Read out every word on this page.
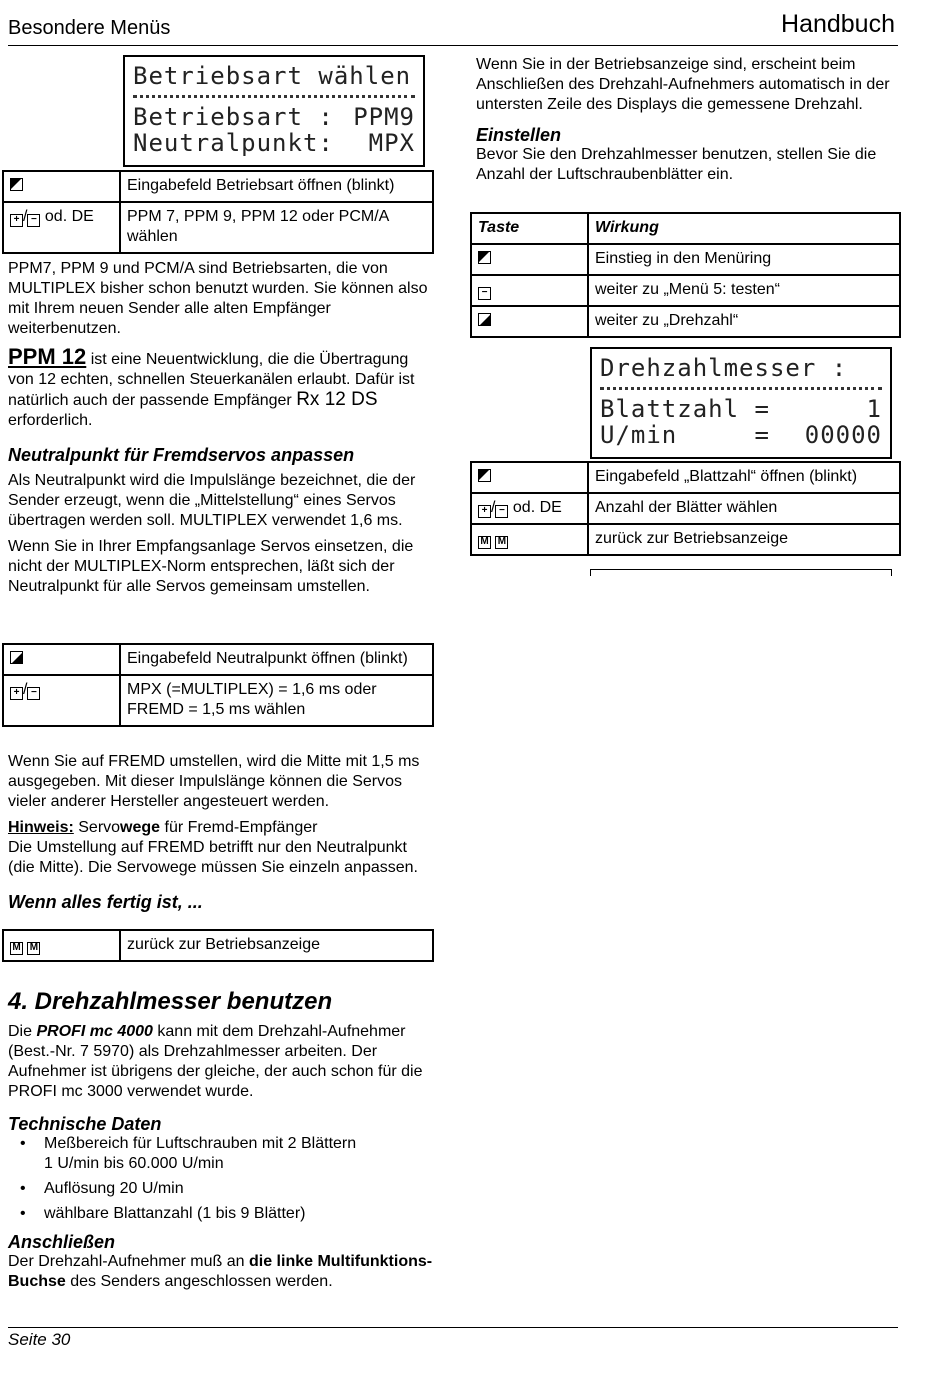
Besondere Menüs	Handbuch
Betriebsart wählen
Betriebsart : PPM9
Neutralpunkt: MPX
	Eingabefeld Betriebsart öffnen (blinkt)
+ / − od. DE	PPM 7, PPM 9, PPM 12 oder PCM/A wählen

PPM7, PPM 9 und PCM/A sind Betriebsarten, die von MULTIPLEX bisher schon benutzt wurden. Sie können also mit Ihrem neuen Sender alle alten Empfänger weiterbenutzen.

PPM 12 ist eine Neuentwicklung, die die Übertragung von 12 echten, schnellen Steuerkanälen erlaubt. Dafür ist natürlich auch der passende Empfänger Rx 12 DS erforderlich.

Neutralpunkt für Fremdservos anpassen

Als Neutralpunkt wird die Impulslänge bezeichnet, die der Sender erzeugt, wenn die „Mittelstellung“ eines Servos übertragen werden soll. MULTIPLEX verwendet 1,6 ms.

Wenn Sie in Ihrer Empfangsanlage Servos einsetzen, die nicht der MULTIPLEX-Norm entsprechen, läßt sich der Neutralpunkt für alle Servos gemeinsam umstellen.

	Eingabefeld Neutralpunkt öffnen (blinkt)
+ / −	MPX (=MULTIPLEX) = 1,6 ms oder FREMD = 1,5 ms wählen

Wenn Sie auf FREMD umstellen, wird die Mitte mit 1,5 ms ausgegeben. Mit dieser Impulslänge können die Servos vieler anderer Hersteller angesteuert werden.

Hinweis: Servowege für Fremd-Empfänger

Die Umstellung auf FREMD betrifft nur den Neutralpunkt (die Mitte). Die Servowege müssen Sie einzeln anpassen.

Wenn alles fertig ist, ...

M M	zurück zur Betriebsanzeige

4. Drehzahlmesser benutzen

Die PROFI mc 4000 kann mit dem Drehzahl-Aufnehmer (Best.-Nr. 7 5970) als Drehzahlmesser arbeiten. Der Aufnehmer ist übrigens der gleiche, der auch schon für die PROFI mc 3000 verwendet wurde.

Technische Daten

• Meßbereich für Luftschrauben mit 2 Blättern
1 U/min bis 60.000 U/min
• Auflösung 20 U/min
• wählbare Blattanzahl (1 bis 9 Blätter)

Anschließen

Der Drehzahl-Aufnehmer muß an die linke Multifunktions-Buchse des Senders angeschlossen werden.

Wenn Sie in der Betriebsanzeige sind, erscheint beim Anschließen des Drehzahl-Aufnehmers automatisch in der untersten Zeile des Displays die gemessene Drehzahl.

Einstellen

Bevor Sie den Drehzahlmesser benutzen, stellen Sie die Anzahl der Luftschraubenblätter ein.

Taste	Wirkung
	Einstieg in den Menüring
−	weiter zu „Menü 5: testen“
	weiter zu „Drehzahl“
Drehzahlmesser :
Blattzahl =	1
U/min     = 00000
	Eingabefeld „Blattzahl“ öffnen (blinkt)
+ / − od. DE	Anzahl der Blätter wählen
M M	zurück zur Betriebsanzeige
Seite 30
